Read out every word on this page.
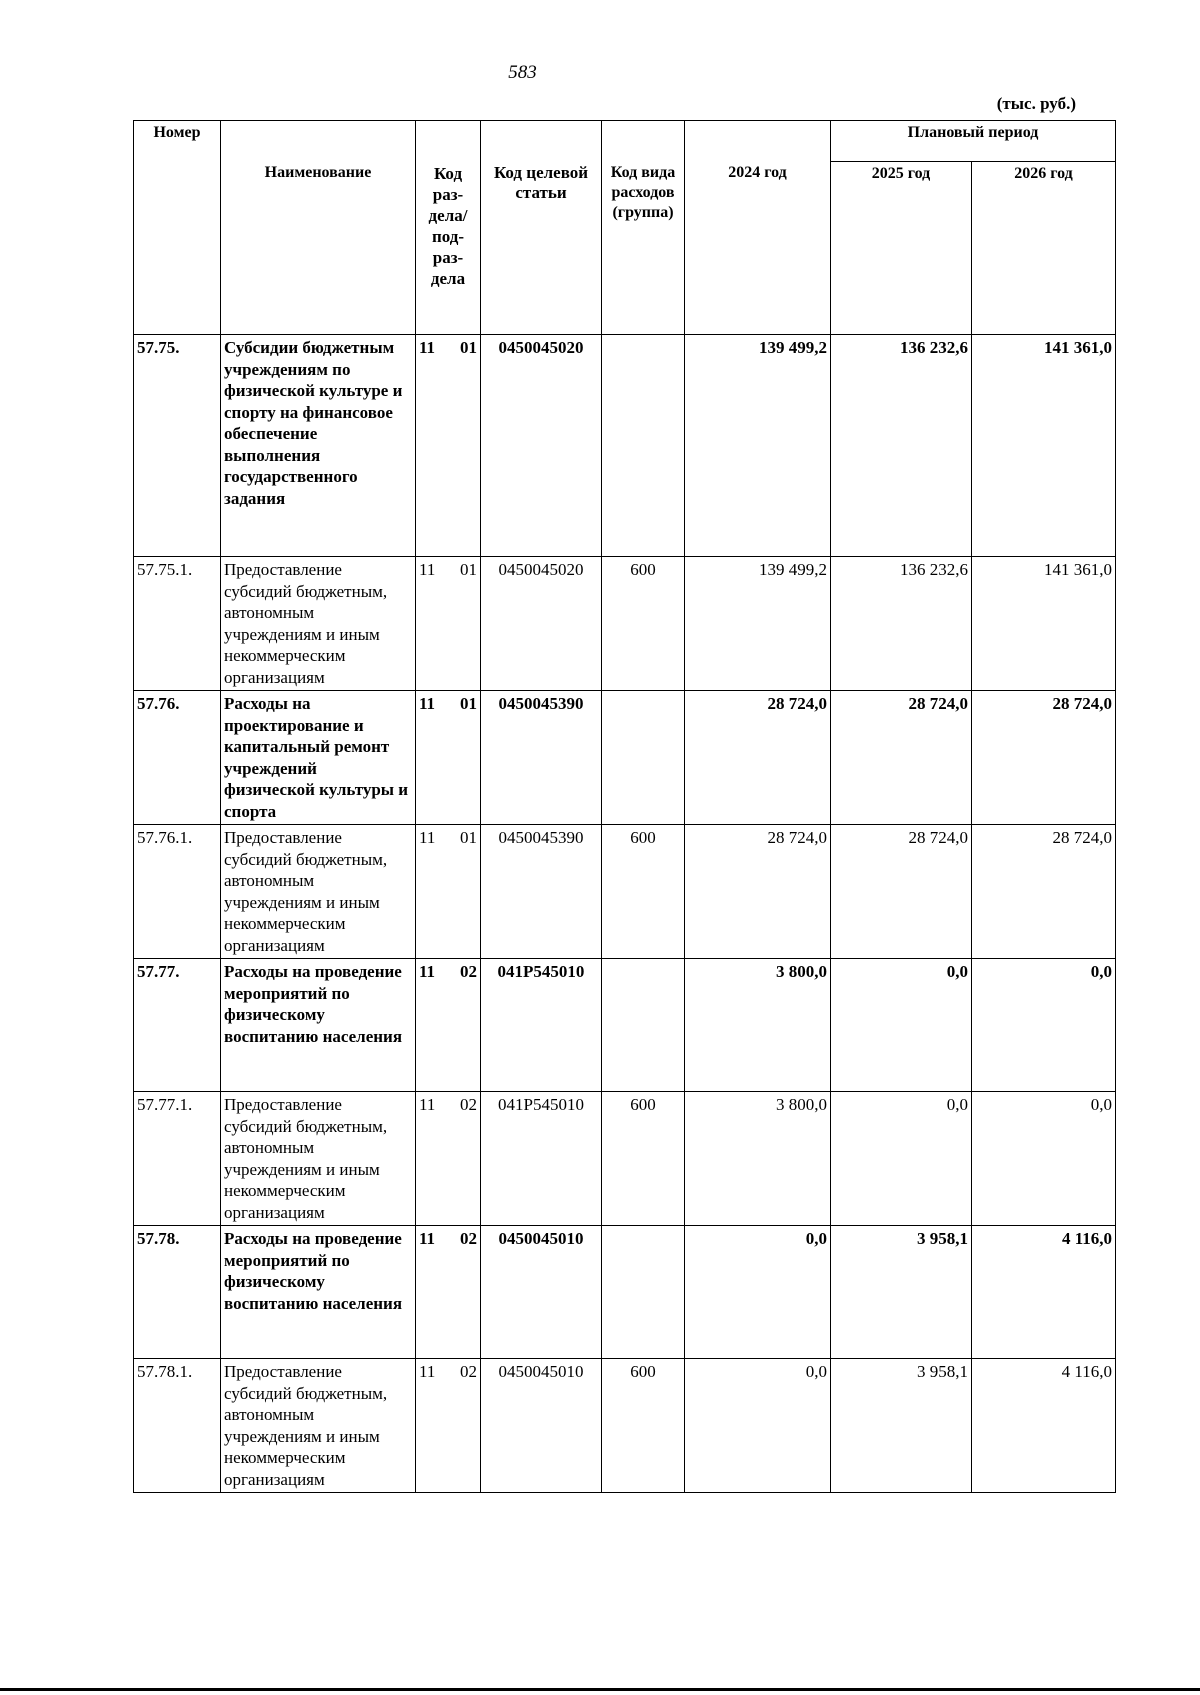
583
(тыс. руб.)
Номер	Наименование	Код раз-дела/ под-раз-дела	Код целевой статьи	Код вида расходов (группа)	2024 год	Плановый период	
						2025 год	2026 год
57.75.	Субсидии бюджетным учреждениям по физической культуре и спорту на финансовое обеспечение выполнения государственного задания	11 01	0450045020		139 499,2	136 232,6	141 361,0
57.75.1.	Предоставление субсидий бюджетным, автономным учреждениям и иным некоммерческим организациям	11 01	0450045020	600	139 499,2	136 232,6	141 361,0
57.76.	Расходы на проектирование и капитальный ремонт учреждений физической культуры и спорта	11 01	0450045390		28 724,0	28 724,0	28 724,0
57.76.1.	Предоставление субсидий бюджетным, автономным учреждениям и иным некоммерческим организациям	11 01	0450045390	600	28 724,0	28 724,0	28 724,0
57.77.	Расходы на проведение мероприятий по физическому воспитанию населения	11 02	041P545010		3 800,0	0,0	0,0
57.77.1.	Предоставление субсидий бюджетным, автономным учреждениям и иным некоммерческим организациям	11 02	041P545010	600	3 800,0	0,0	0,0
57.78.	Расходы на проведение мероприятий по физическому воспитанию населения	11 02	0450045010		0,0	3 958,1	4 116,0
57.78.1.	Предоставление субсидий бюджетным, автономным учреждениям и иным некоммерческим организациям	11 02	0450045010	600	0,0	3 958,1	4 116,0
